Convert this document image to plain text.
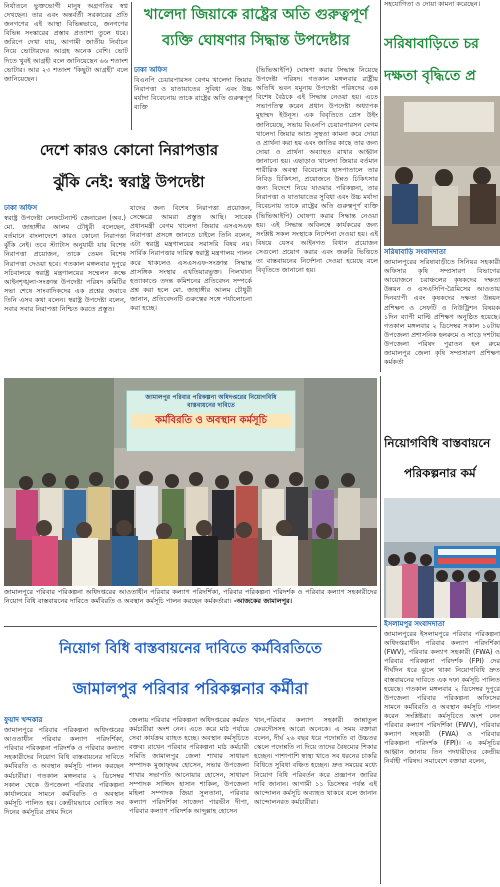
নির্যাতনে ভুক্তভোগী মানুষ অগ্রগতির স্বপ্ন দেখছেন। তার এবং অন্তর্বর্তী সরকারের প্রতি জনগণের এই আস্থা বিভিন্নভাবে, জনগণের বিভিন্ন সংস্কারের প্রস্তাব প্রত্যাশা তুলে ধরে। জরিপে দেখা যায়, আগামী জাতীয় নির্বাচন নিয়ে ভোটারদের আগ্রহ অনেক বেশি। ভোট দিতে খুবই আগ্রহী বলে জানিয়েছেন ৬৬ শতাংশ ভোটার। আর ২৩ শতাংশ 'কিছুটা আগ্রহী' বলে জানিয়েছেন।
খালেদা জিয়াকে রাষ্ট্রের অতি গুরুত্বপূর্ণ
ব্যক্তি ঘোষণার সিদ্ধান্ত উপদেষ্টার
ঢাকা অফিস
বিএনপি চেয়ারপারসন বেগম খালেদা জিয়ার নিরাপত্তা ও যাতায়াতের সুবিধা এবং উচ্চ মর্যাদা বিবেচনায় তাকে রাষ্ট্রের অতি গুরুত্বপূর্ণ ব্যক্তি
(ভিভিআইপি) ঘোষণা করার সিদ্ধান্ত নিয়েছে উপদেষ্টা পরিষদ। গতকাল মঙ্গলবার রাষ্ট্রীয় অতিথি ভবন যমুনায় উপদেষ্টা পরিষদের এক বিশেষ বৈঠকে এই সিদ্ধান্ত নেওয়া হয়। এতে সভাপতিত্ব করেন প্রধান উপদেষ্টা অধ্যাপক মুহাম্মদ ইউনূস। এক বিবৃতিতে প্রেস উইং জানিয়েছে, সভায় বিএনপি চেয়ারপারসন বেগম খালেদা জিয়ার আশু সুস্থতা কামনা করে দোয়া ও প্রার্থনা করা হয় এবং জাতির কাছে তার জন্য দোয়া ও প্রার্থনা অব্যাহত রাখার আহ্বান জানানো হয়। এছাড়াও খালেদা জিয়ার বর্তমান শারীরিক অবস্থা বিবেচনায় হাসপাতালে তার নিবিড় চিকিৎসা, প্রয়োজনে উন্নত চিকিৎসার জন্য বিদেশে নিয়ে যাওয়ার পরিকল্পনা, তার নিরাপত্তা ও যাতায়াতের সুবিধা এবং উচ্চ মর্যাদা বিবেচনায় তাকে রাষ্ট্রের অতি গুরুত্বপূর্ণ ব্যক্তি (ভিভিআইপি) ঘোষণা করার সিদ্ধান্ত নেওয়া হয়। এই সিদ্ধান্ত অবিলম্বে কার্যকরের জন্য সংশ্লিষ্ট সকল সংস্থাকে নির্দেশনা দেওয়া হয়। এই বিষয়ে যেসব আইনগত বিধান প্রয়োজন সেগুলো প্রয়োগ করার এবং জরুরি ভিত্তিতে তা বাস্তবায়নের নির্দেশনা দেওয়া হয়েছে বলে বিবৃতিতে জানানো হয়।
দেশে কারও কোনো নিরাপত্তার
ঝুঁকি নেই: স্বরাষ্ট্র উপদেষ্টা
ঢাকা অফিস
স্বরাষ্ট্র উপদেষ্টা লেফটেন্যান্ট জেনারেল (অব.) মো. জাহাঙ্গীর আলম চৌধুরী বলেছেন, বর্তমানে বাংলাদেশে কারও কোনো নিরাপত্তা ঝুঁকি নেই। তবে স্ট্যাটাস অনুযায়ী যার বিশেষ নিরাপত্তা প্রয়োজন, তাকে তেমন বিশেষ নিরাপত্তা দেওয়া হবে। গতকাল মঙ্গলবার দুপুরে সচিবালয়ে স্বরাষ্ট্র মন্ত্রণালয়ের সম্মেলন কক্ষে আইনশৃঙ্খলা-সংক্রান্ত উপদেষ্টা পরিষদ কমিটির সভা শেষে সাংবাদিকদের এক প্রশ্নের জবাবে তিনি এসব কথা বলেন। স্বরাষ্ট্র উপদেষ্টা বলেন, সবার সবার নিরাপত্তা নিশ্চিত করতে প্রস্তুত।
যাদের জন্য বিশেষ নিরাপত্তা প্রয়োজন, সেক্ষেত্রে আমরা প্রস্তুত আছি। সাবেক প্রধানমন্ত্রী বেগম খালেদা জিয়ার এসএসএফ নিরাপত্তা প্রসঙ্গে জানতে চাইলে তিনি বলেন, এটা স্বরাষ্ট্র মন্ত্রণালয়ের সরাসরি বিষয় নয়। সার্বিক নিরাপত্তার দায়িত্ব স্বরাষ্ট্র মন্ত্রণালয় পালন করে থাকলেও এসএসএফ-সংক্রান্ত সিদ্ধান্ত প্রাসঙ্গিক সংস্থার এখতিয়ারভুক্ত। পিলখানা হত্যাকাণ্ডে তদন্ত কমিশনের প্রতিবেদন সম্পর্কে প্রশ্ন করা হলে মো. জাহাঙ্গীর আলম চৌধুরী জানান, প্রতিবেদনটি গুরুত্বের সঙ্গে পর্যালোচনা করা হচ্ছে।
জামালপুর পরিবার পরিকল্পনা অধিদপ্তরের নিয়োগবিধি বাস্তবায়নের দাবিতে
কর্মবিরতি ও অবস্থান কর্মসূচি
জামালপুরে পরিবার পরিকল্পনা অধিদপ্তরের আওতাধীন পরিবার কল্যাণ পরিদর্শিকা, পরিবার পরিকল্পনা পরিদর্শক ও পরিবার কল্যাণ সহকারীদের নিয়োগ বিধি বাস্তবায়নের দাবিতে কর্মবিরতি ও অবস্থান কর্মসূচি পালন করছেন কর্মকর্তারা। -আজকের জামালপুর।
নিয়োগ বিধি বাস্তবায়নের দাবিতে কর্মবিরতিতে
জামালপুর পরিবার পরিকল্পনার কর্মীরা
ফুয়াদ খন্দকার
জামালপুরে পরিবার পরিকল্পনা অধিদপ্তরের আওতাধীন পরিবার কল্যাণ পরিদর্শিকা, পরিবার পরিকল্পনা পরিদর্শক ও পরিবার কল্যাণ সহকারীদের নিয়োগ বিধি বাস্তবায়নের দাবিতে কর্মবিরতি ও অবস্থান কর্মসূচি পালন করছেন কর্মচারীরা। গতকাল মঙ্গলবার ২ ডিসেম্বর সকাল থেকে উপজেলা পরিবার পরিকল্পনা কার্যালয়ের সামনে কর্মবিরতি ও অবস্থান কর্মসূচি পালিত হয়। কেন্দ্রীয়ভাবে ঘোষিত সব দিনের কর্মসূচির প্রথম দিনে
জেলায় পরিবার পরিকল্পনা অধিদপ্তরের কর্মরত কর্মচারীরা অংশ নেন। এতে করে মাঠ পর্যায়ে সেবা কার্যক্রম ব্যাহত হচ্ছে। অবস্থান কর্মসূচিতে বক্তব্য রাখেন পরিবার পরিকল্পনা মাঠ কর্মচারী সমিতি জামালপুর জেলা শাখার সাধারণ সম্পাদক মুজাফ্ফর হোসেন, সভার উপজেলা শাখার সভাপতি আনোয়ার হোসেন, সাধারণ সম্পাদক সাজ্জিদ হাসান শাকিল, উপজেলা মহিলা সম্পাদক জিয়া সুলতানা, পরিবার কল্যাণ পরিদর্শিকা সাজেদা পারভীন দীপা, পরিবার কল্যাণ পরিদর্শক আব্দুল্লাহ হোসেন
খান,পরিবার কল্যাণ সহকারী জান্নাতুল ফেরদৌসসহ আরো অনেকে। এ সময় বক্তারা বলেন, দীর্ঘ ২৬ বছর ধরে পদোন্নতি বা উচ্চতর স্কেলে পদোন্নতি না দিয়ে তাদের বৈষম্যের শিকার হচ্ছেন। পাশাপাশি স্বাস্থ্য খাতে সব ধরনের চাকরি বিধিতে সুবিধা বঞ্চিত হচ্ছেন। দ্রুত সময়ের মধ্যে নিয়োগ বিধি পরিবর্তন করে প্রজ্ঞাপন জারির দাবি জানান। আগামী ১১ ডিসেম্বর পর্যন্ত এই আন্দোলন কর্মসূচি অব্যাহত থাকবে বলে জানান আন্দোলনরত কর্মচারীরা।
সহযোগিতা ও দোয়া কামনা করেছেন।
সরিষাবাড়িতে চর
দক্ষতা বৃদ্ধিতে প্র
সরিষাবাড়ি সংবাদদাতা
জামালপুরের সরিষাবাড়ীতে সিনিয়র সহকারী অফিসার কৃষি সম্প্রসারণ বিভাগের আয়োজনে চরাঞ্চলের কৃষকদের দক্ষতা উন্নয়ন ও এসএসিপি-ত্রৈমিসের আওতায় দিনব্যাপী এবং কৃষকদের দক্ষতা উন্নয়ন প্রশিক্ষণ ও সেফটি ও নিউট্রিশন বিষয়ক ১দিন ব্যাপী মাল্টি প্রশিক্ষণ অনুষ্ঠিত হয়েছে। গতকাল মঙ্গলবার ২ ডিসেম্বর সকাল ১০টায় উপজেলা প্রশাসনিক হলরুমে ও সাড়ে দশটায় উপজেলা পরিষদ পুরাতন হল রুমে জামালপুর জেলা কৃষি সম্প্রসারণ প্রশিক্ষণ কর্মকর্তা
নিয়োগবিধি বাস্তবায়নে
পরিকল্পনার কর্ম
ইসলামপুর সংবাদদাতা
জামালপুরের ইসলামপুরে পরিবার পরিকল্পনা অধিদপ্তরাধীন পরিবার কল্যাণ পরিদর্শিকা (FWV), পরিবার কল্যাণ সহকারী (FWA) ও পরিবার পরিকল্পনা পরিদর্শক (FPI) দের দীর্ঘদিন ধরে ঝুলে থাকা নিয়োগবিধি দ্রুত বাস্তবায়নের দাবিতে এক দফা কর্মসূচি পালিত হয়েছে। গতকাল মঙ্গলবার ২ ডিসেম্বর দুপুরে উপজেলা পরিবার পরিকল্পনা অফিসের সামনে কর্মবিরতি ও অবস্থান কর্মসূচি পালন করেন সংশ্লিষ্টরা। কর্মসূচিতে অংশ নেন পরিবার কল্যাণ পরিদর্শিকা (FWV), পরিবার কল্যাণ সহকারী (FWA) ও পরিবার পরিকল্পনা পরিদর্শক (FPI)। এ কর্মসূচির আহ্বান জানায় তিন পদধারীদের কেন্দ্রীয় নির্বাহী পরিষদ। সমাবেশে বক্তারা বলেন,
